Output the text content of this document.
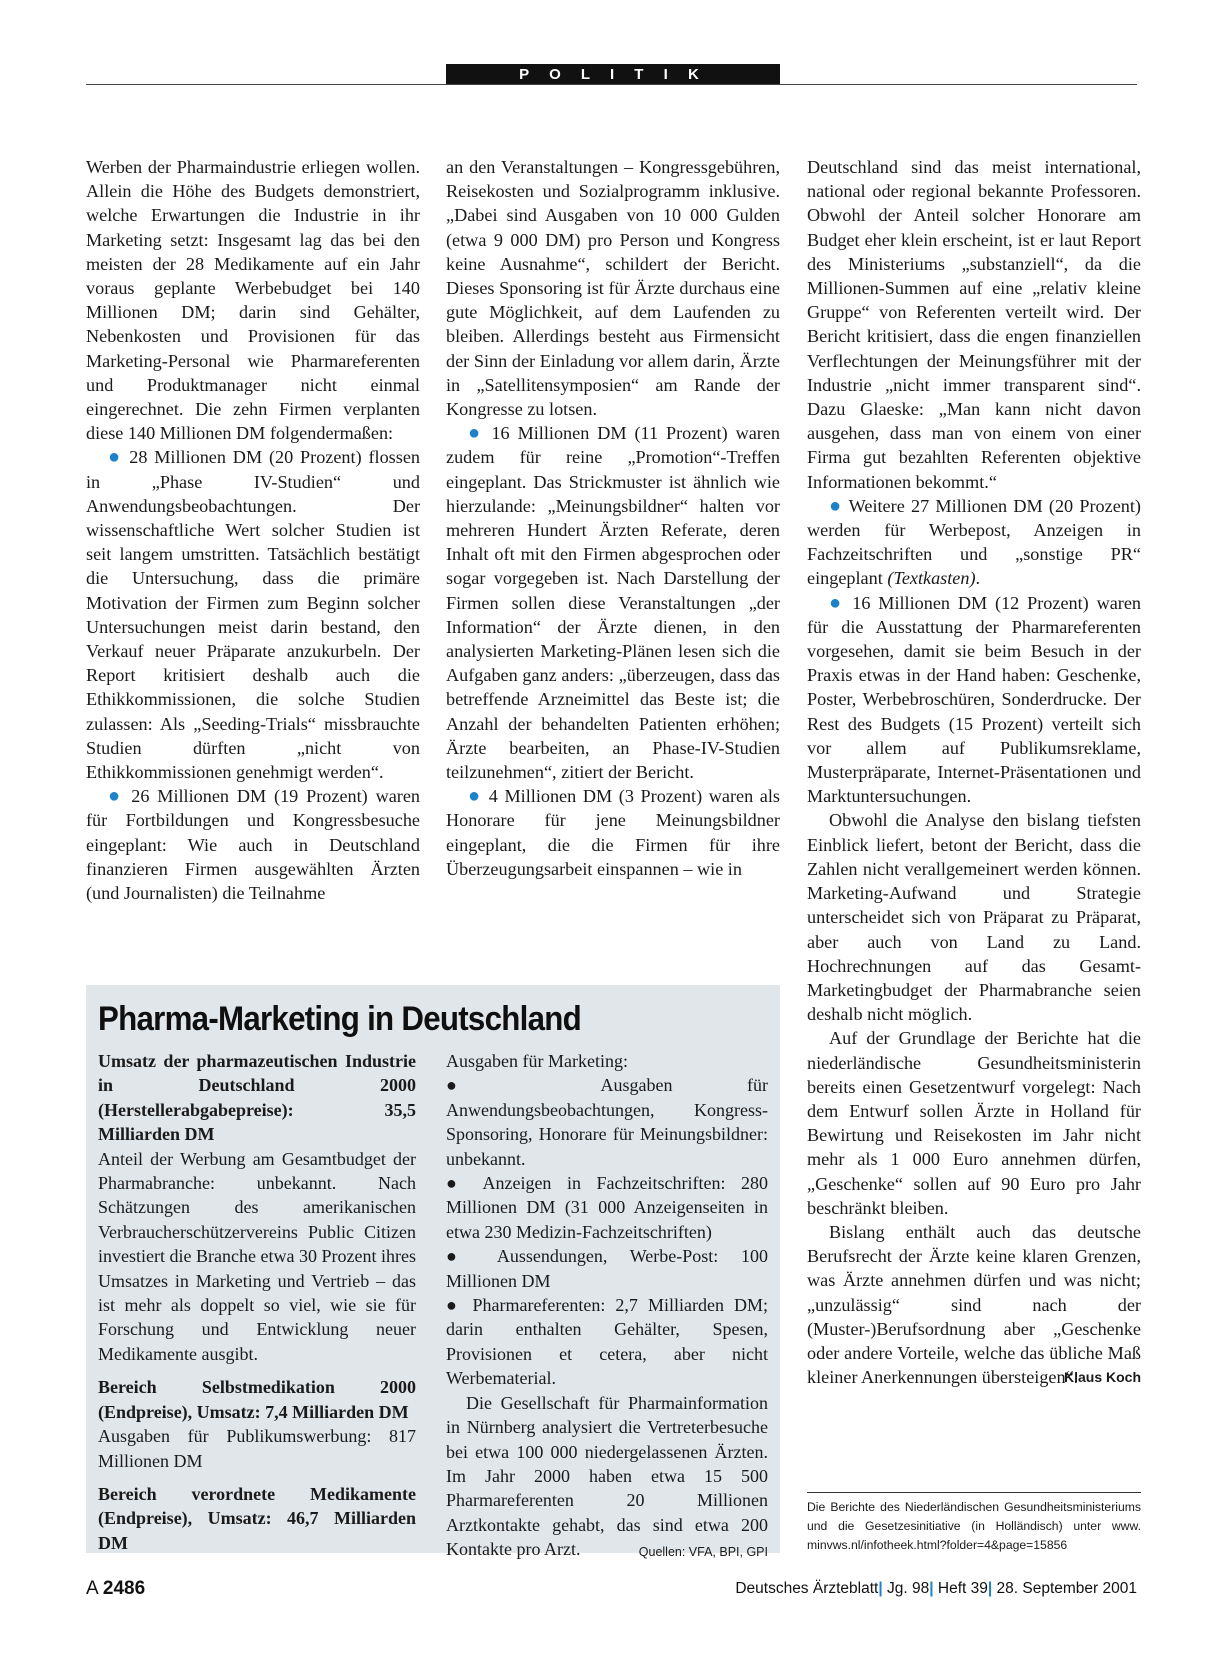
P O L I T I K

Werben der Pharmaindustrie erliegen wollen. Allein die Höhe des Budgets demonstriert, welche Erwartungen die Industrie in ihr Marketing setzt: Insgesamt lag das bei den meisten der 28 Medikamente auf ein Jahr voraus geplante Werbebudget bei 140 Millionen DM; darin sind Gehälter, Nebenkosten und Provisionen für das Marketing-Personal wie Pharmareferenten und Produktmanager nicht einmal eingerechnet. Die zehn Firmen verplanten diese 140 Millionen DM folgendermaßen:

● 28 Millionen DM (20 Prozent) flossen in „Phase IV-Studien“ und Anwendungsbeobachtungen. Der wissenschaftliche Wert solcher Studien ist seit langem umstritten. Tatsächlich bestätigt die Untersuchung, dass die primäre Motivation der Firmen zum Beginn solcher Untersuchungen meist darin bestand, den Verkauf neuer Präparate anzukurbeln. Der Report kritisiert deshalb auch die Ethikkommissionen, die solche Studien zulassen: Als „Seeding-Trials“ missbrauchte Studien dürften „nicht von Ethikkommissionen genehmigt werden“.

● 26 Millionen DM (19 Prozent) waren für Fortbildungen und Kongressbesuche eingeplant: Wie auch in Deutschland finanzieren Firmen ausgewählten Ärzten (und Journalisten) die Teilnahme

an den Veranstaltungen – Kongressgebühren, Reisekosten und Sozialprogramm inklusive. „Dabei sind Ausgaben von 10 000 Gulden (etwa 9 000 DM) pro Person und Kongress keine Ausnahme“, schildert der Bericht. Dieses Sponsoring ist für Ärzte durchaus eine gute Möglichkeit, auf dem Laufenden zu bleiben. Allerdings besteht aus Firmensicht der Sinn der Einladung vor allem darin, Ärzte in „Satellitensymposien“ am Rande der Kongresse zu lotsen.

● 16 Millionen DM (11 Prozent) waren zudem für reine „Promotion“-Treffen eingeplant. Das Strickmuster ist ähnlich wie hierzulande: „Meinungsbildner“ halten vor mehreren Hundert Ärzten Referate, deren Inhalt oft mit den Firmen abgesprochen oder sogar vorgegeben ist. Nach Darstellung der Firmen sollen diese Veranstaltungen „der Information“ der Ärzte dienen, in den analysierten Marketing-Plänen lesen sich die Aufgaben ganz anders: „überzeugen, dass das betreffende Arzneimittel das Beste ist; die Anzahl der behandelten Patienten erhöhen; Ärzte bearbeiten, an Phase-IV-Studien teilzunehmen“, zitiert der Bericht.

● 4 Millionen DM (3 Prozent) waren als Honorare für jene Meinungsbildner eingeplant, die die Firmen für ihre Überzeugungsarbeit einspannen – wie in

Deutschland sind das meist international, national oder regional bekannte Professoren. Obwohl der Anteil solcher Honorare am Budget eher klein erscheint, ist er laut Report des Ministeriums „substanziell“, da die Millionen-Summen auf eine „relativ kleine Gruppe“ von Referenten verteilt wird. Der Bericht kritisiert, dass die engen finanziellen Verflechtungen der Meinungsführer mit der Industrie „nicht immer transparent sind“. Dazu Glaeske: „Man kann nicht davon ausgehen, dass man von einem von einer Firma gut bezahlten Referenten objektive Informationen bekommt.“

● Weitere 27 Millionen DM (20 Prozent) werden für Werbepost, Anzeigen in Fachzeitschriften und „sonstige PR“ eingeplant (Textkasten).

● 16 Millionen DM (12 Prozent) waren für die Ausstattung der Pharmareferenten vorgesehen, damit sie beim Besuch in der Praxis etwas in der Hand haben: Geschenke, Poster, Werbebroschüren, Sonderdrucke. Der Rest des Budgets (15 Prozent) verteilt sich vor allem auf Publikumsreklame, Musterpräparate, Internet-Präsentationen und Marktuntersuchungen.

Obwohl die Analyse den bislang tiefsten Einblick liefert, betont der Bericht, dass die Zahlen nicht verallgemeinert werden können. Marketing-Aufwand und Strategie unterscheidet sich von Präparat zu Präparat, aber auch von Land zu Land. Hochrechnungen auf das Gesamt-Marketingbudget der Pharmabranche seien deshalb nicht möglich.

Auf der Grundlage der Berichte hat die niederländische Gesundheitsministerin bereits einen Gesetzentwurf vorgelegt: Nach dem Entwurf sollen Ärzte in Holland für Bewirtung und Reisekosten im Jahr nicht mehr als 1 000 Euro annehmen dürfen, „Geschenke“ sollen auf 90 Euro pro Jahr beschränkt bleiben.

Bislang enthält auch das deutsche Berufsrecht der Ärzte keine klaren Grenzen, was Ärzte annehmen dürfen und was nicht; „unzulässig“ sind nach der (Muster-)Berufsordnung aber „Geschenke oder andere Vorteile, welche das übliche Maß kleiner Anerkennungen übersteigen“.

Klaus Koch
Die Berichte des Niederländischen Gesundheitsministeriums und die Gesetzesinitiative (in Holländisch) unter www. minvws.nl/infotheek.html?folder=4&page=15856
Pharma-Marketing in Deutschland

Umsatz der pharmazeutischen Industrie in Deutschland 2000 (Herstellerabgabepreise): 35,5 Milliarden DM
Anteil der Werbung am Gesamtbudget der Pharmabranche: unbekannt. Nach Schätzungen des amerikanischen Verbraucherschützervereins Public Citizen investiert die Branche etwa 30 Prozent ihres Umsatzes in Marketing und Vertrieb – das ist mehr als doppelt so viel, wie sie für Forschung und Entwicklung neuer Medikamente ausgibt.

Bereich Selbstmedikation 2000 (Endpreise), Umsatz: 7,4 Milliarden DM
Ausgaben für Publikumswerbung: 817 Millionen DM

Bereich verordnete Medikamente (Endpreise), Umsatz: 46,7 Milliarden DM

Ausgaben für Marketing:

●	Ausgaben für Anwendungsbeobachtungen, Kongress-Sponsoring, Honorare für Meinungsbildner: unbekannt.

● Anzeigen in Fachzeitschriften: 280 Millionen DM (31 000 Anzeigenseiten in etwa 230 Medizin-Fachzeitschriften)

● Aussendungen, Werbe-Post: 100 Millionen DM

● Pharmareferenten: 2,7 Milliarden DM; darin enthalten Gehälter, Spesen, Provisionen et cetera, aber nicht Werbematerial.

Die Gesellschaft für Pharmainformation in Nürnberg analysiert die Vertreterbesuche bei etwa 100 000 niedergelassenen Ärzten. Im Jahr 2000 haben etwa 15 500 Pharmareferenten 20 Millionen Arztkontakte gehabt, das sind etwa 200 Kontakte pro Arzt.	Quellen: VFA, BPI, GPI

A 2486	Deutsches Ärzteblatt| Jg. 98| Heft 39| 28. September 2001
